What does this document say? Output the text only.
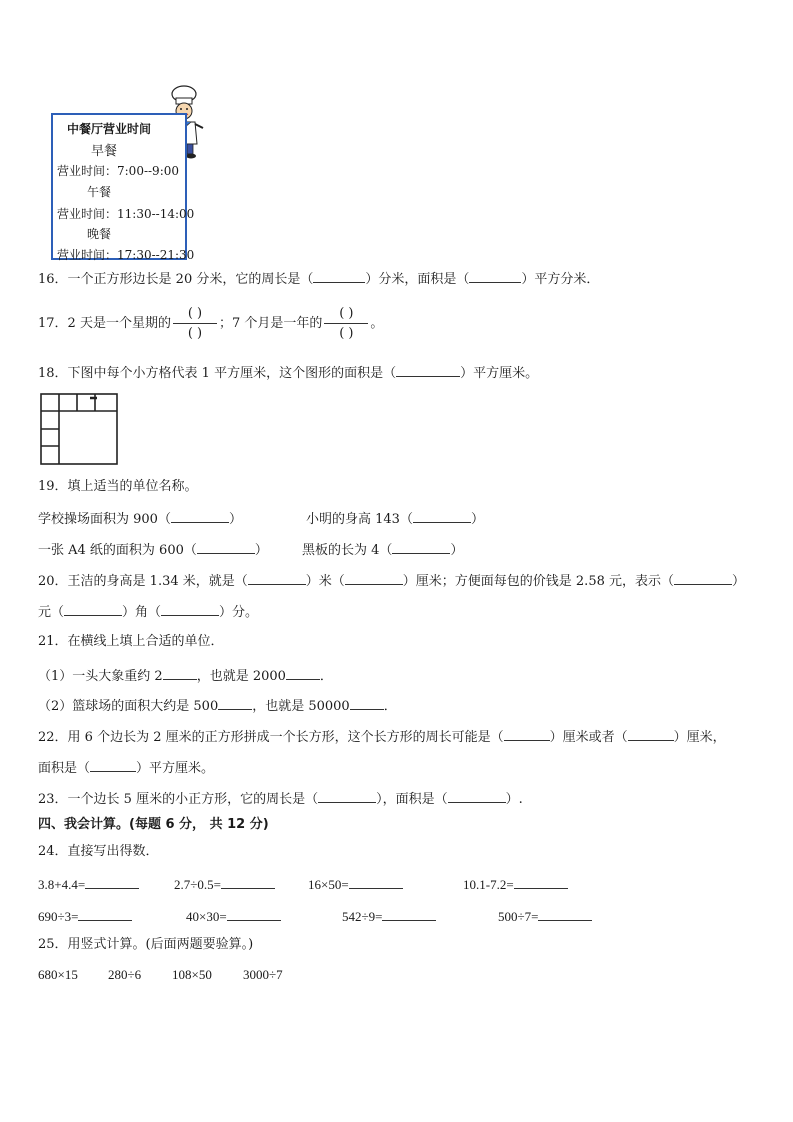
中餐厅营业时间
早餐
营业时间：7:00--9:00
午餐
营业时间：11:30--14:00
晚餐
营业时间：17:30--21:30
16．一个正方形边长是 20 分米，它的周长是（	）分米，面积是（	）平方分米．
17．2 天是一个星期的 $\frac{( )}{( )}$ ；7 个月是一年的 $\frac{( )}{( )}$ 。
18．下图中每个小方格代表 1 平方厘米，这个图形的面积是（	）平方厘米。
19．填上适当的单位名称。
学校操场面积为 900（	）	小明的身高 143（	）
一张 A4 纸的面积为 600（	）	黑板的长为 4（	）
20．王洁的身高是 1.34 米，就是（	）米（	）厘米；方便面每包的价钱是 2.58 元，表示（	）
元（	）角（	）分。
21．在横线上填上合适的单位．
（1）一头大象重约 2	，也就是 2000	．
（2）篮球场的面积大约是 500	，也就是 50000	．
22．用 6 个边长为 2 厘米的正方形拼成一个长方形，这个长方形的周长可能是（	）厘米或者（	）厘米，
面积是（	）平方厘米。
23．一个边长 5 厘米的小正方形，它的周长是（	），面积是（	）.
四、我会计算。(每题 6 分， 共 12 分)
24．直接写出得数．
3.8+4.4=	2.7÷0.5=	16×50=	10.1-7.2=
690÷3=	40×30=	542÷9=	500÷7=
25．用竖式计算。(后面两题要验算。)
680×15 280÷6 108×50 3000÷7
